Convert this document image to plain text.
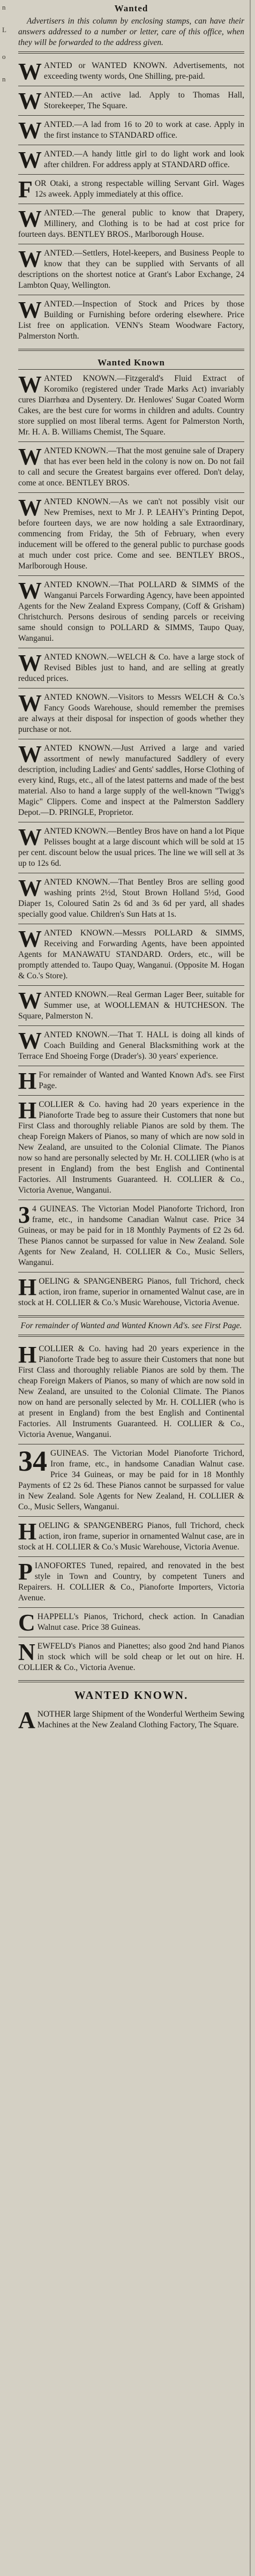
n
L
o
n
Wanted

Advertisers in this column by enclosing stamps, can have their answers addressed to a number or letter, care of this office, when they will be forwarded to the address given.

W ANTED or WANTED KNOWN. Advertisements, not exceeding twenty words, One Shilling, pre-paid.

W ANTED.—An active lad. Apply to Thomas Hall, Storekeeper, The Square.

W ANTED.—A lad from 16 to 20 to work at case. Apply in the first instance to STANDARD office.

W ANTED.—A handy little girl to do light work and look after children. For address apply at STANDARD office.

F OR Otaki, a strong respectable willing Servant Girl. Wages 12s aweek. Apply immediately at this office.

W ANTED.—The general public to know that Drapery, Millinery, and Clothing is to be had at cost price for fourteen days. BENTLEY BROS., Marlborough House.

W ANTED.—Settlers, Hotel-keepers, and Business People to know that they can be supplied with Servants of all descriptions on the shortest notice at Grant's Labor Exchange, 24 Lambton Quay, Wellington.

W ANTED.—Inspection of Stock and Prices by those Building or Furnishing before ordering elsewhere. Price List free on application. VENN's Steam Woodware Factory, Palmerston North.

Wanted Known
W ANTED KNOWN.—Fitzgerald's Fluid Extract of Koromiko (registered under Trade Marks Act) invariably cures Diarrhœa and Dysentery. Dr. Henlowes' Sugar Coated Worm Cakes, are the best cure for worms in children and adults. Country store supplied on most liberal terms. Agent for Palmerston North, Mr. H. A. B. Williams Chemist, The Square.

W ANTED KNOWN.—That the most genuine sale of Drapery that has ever been held in the colony is now on. Do not fail to call and secure the Greatest bargains ever offered. Don't delay, come at once. BENTLEY BROS.

W ANTED KNOWN.—As we can't not possibly visit our New Premises, next to Mr J. P. LEAHY's Printing Depot, before fourteen days, we are now holding a sale Extraordinary, commencing from Friday, the 5th of February, when every inducement will be offered to the general public to purchase goods at much under cost price. Come and see. BENTLEY BROS., Marlborough House.

W ANTED KNOWN.—That POLLARD & SIMMS of the Wanganui Parcels Forwarding Agency, have been appointed Agents for the New Zealand Express Company, (Coff & Grisham) Christchurch. Persons desirous of sending parcels or receiving same should consign to POLLARD & SIMMS, Taupo Quay, Wanganui.

W ANTED KNOWN.—WELCH & Co. have a large stock of Revised Bibles just to hand, and are selling at greatly reduced prices.

W ANTED KNOWN.—Visitors to Messrs WELCH & Co.'s Fancy Goods Warehouse, should remember the premises are always at their disposal for inspection of goods whether they purchase or not.

W ANTED KNOWN.—Just Arrived a large and varied assortment of newly manufactured Saddlery of every description, including Ladies' and Gents' saddles, Horse Clothing of every kind, Rugs, etc., all of the latest patterns and made of the best material. Also to hand a large supply of the well-known "Twigg's Magic" Clippers. Come and inspect at the Palmerston Saddlery Depot.—D. PRINGLE, Proprietor.

W ANTED KNOWN.—Bentley Bros have on hand a lot Pique Pelisses bought at a large discount which will be sold at 15 per cent. discount below the usual prices. The line we will sell at 3s up to 12s 6d.

W ANTED KNOWN.—That Bentley Bros are selling good washing prints 2½d, Stout Brown Holland 5½d, Good Diaper 1s, Coloured Satin 2s 6d and 3s 6d per yard, all shades specially good value. Children's Sun Hats at 1s.

W ANTED KNOWN.—Messrs POLLARD & SIMMS, Receiving and Forwarding Agents, have been appointed Agents for MANAWATU STANDARD. Orders, etc., will be promptly attended to. Taupo Quay, Wanganui. (Opposite M. Hogan & Co.'s Store).

W ANTED KNOWN.—Real German Lager Beer, suitable for Summer use, at WOOLLEMAN & HUTCHESON. The Square, Palmerston N.

W ANTED KNOWN.—That T. HALL is doing all kinds of Coach Building and General Blacksmithing work at the Terrace End Shoeing Forge (Drader's). 30 years' experience.

H For remainder of Wanted and Wanted Known Ad's. see First Page.

H COLLIER & Co. having had 20 years experience in the Pianoforte Trade beg to assure their Customers that none but First Class and thoroughly reliable Pianos are sold by them. The cheap Foreign Makers of Pianos, so many of which are now sold in New Zealand, are unsuited to the Colonial Climate. The Pianos now so hand are personally selected by Mr. H. COLLIER (who is at present in England) from the best English and Continental Factories. All Instruments Guaranteed. H. COLLIER & Co., Victoria Avenue, Wanganui.

3 4 GUINEAS. The Victorian Model Pianoforte Trichord, Iron frame, etc., in handsome Canadian Walnut case. Price 34 Guineas, or may be paid for in 18 Monthly Payments of £2 2s 6d. These Pianos cannot be surpassed for value in New Zealand. Sole Agents for New Zealand, H. COLLIER & Co., Music Sellers, Wanganui.

H OELING & SPANGENBERG Pianos, full Trichord, check action, iron frame, superior in ornamented Walnut case, are in stock at H. COLLIER & Co.'s Music Warehouse, Victoria Avenue.

For remainder of Wanted and Wanted Known Ad's. see First Page.

H COLLIER & Co. having had 20 years experience in the Pianoforte Trade beg to assure their Customers that none but First Class and thoroughly reliable Pianos are sold by them. The cheap Foreign Makers of Pianos, so many of which are now sold in New Zealand, are unsuited to the Colonial Climate. The Pianos now on hand are personally selected by Mr. H. COLLIER (who is at present in England) from the best English and Continental Factories. All Instruments Guaranteed. H. COLLIER & Co., Victoria Avenue, Wanganui.

34 GUINEAS. The Victorian Model Pianoforte Trichord, Iron frame, etc., in handsome Canadian Walnut case. Price 34 Guineas, or may be paid for in 18 Monthly Payments of £2 2s 6d. These Pianos cannot be surpassed for value in New Zealand. Sole Agents for New Zealand, H. COLLIER & Co., Music Sellers, Wanganui.

H OELING & SPANGENBERG Pianos, full Trichord, check action, iron frame, superior in ornamented Walnut case, are in stock at H. COLLIER & Co.'s Music Warehouse, Victoria Avenue.

P IANOFORTES Tuned, repaired, and renovated in the best style in Town and Country, by competent Tuners and Repairers. H. COLLIER & Co., Pianoforte Importers, Victoria Avenue.

C HAPPELL's Pianos, Trichord, check action. In Canadian Walnut case. Price 38 Guineas.

N EWFELD's Pianos and Pianettes; also good 2nd hand Pianos in stock which will be sold cheap or let out on hire. H. COLLIER & Co., Victoria Avenue.

WANTED KNOWN.
A NOTHER large Shipment of the Wonderful Wertheim Sewing Machines at the New Zealand Clothing Factory, The Square.
